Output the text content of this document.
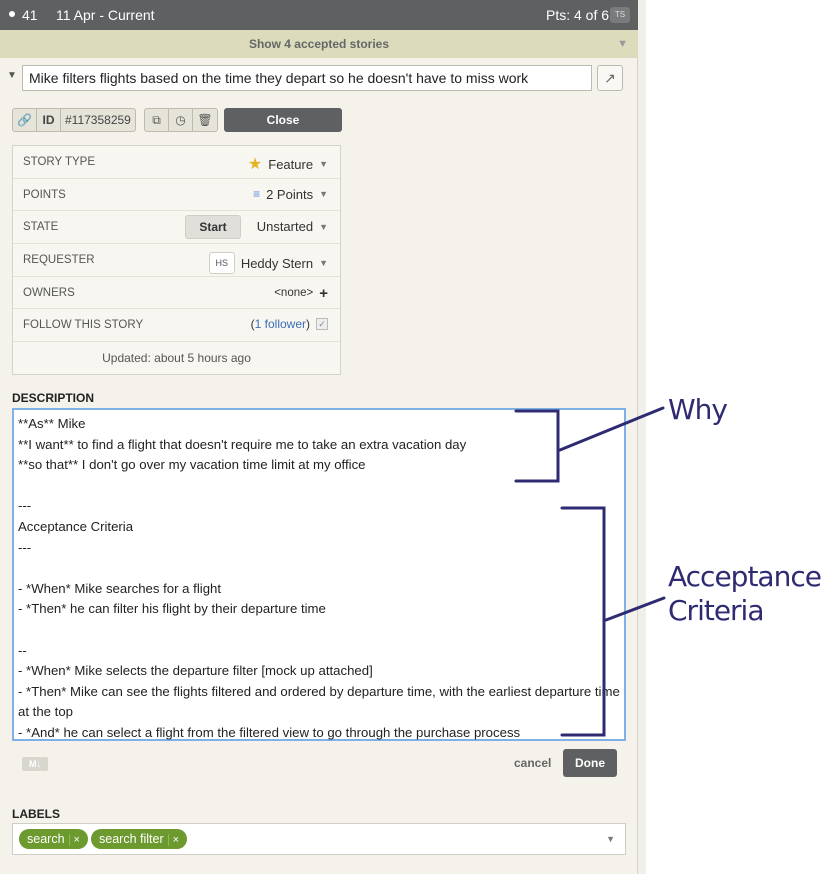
41 11 Apr - Current	Pts: 4 of 6 TS
Show 4 accepted stories	▼
▼
Mike filters flights based on the time they depart so he doesn't have to miss work	↗
🔗 ID #117358259	⧉	◷ 🗑	Close
STORY TYPE	★ Feature ▼
POINTS	≡ 2 Points ▼
STATE	Start	Unstarted ▼
REQUESTER	HS Heddy Stern ▼
OWNERS	<none> +
FOLLOW THIS STORY	(1 follower) ✓
Updated: about 5 hours ago
DESCRIPTION
**As** Mike
**I want** to find a flight that doesn't require me to take an extra vacation day
**so that** I don't go over my vacation time limit at my office
---
Acceptance Criteria
---
- *When* Mike searches for a flight
- *Then* he can filter his flight by their departure time
--
- *When* Mike selects the departure filter [mock up attached]
- *Then* Mike can see the flights filtered and ordered by departure time, with the earliest departure time at the top
- *And* he can select a flight from the filtered view to go through the purchase process
M↓	cancel	Done
LABELS
search ×	search filter ×	▼
Why
Acceptance
Criteria
